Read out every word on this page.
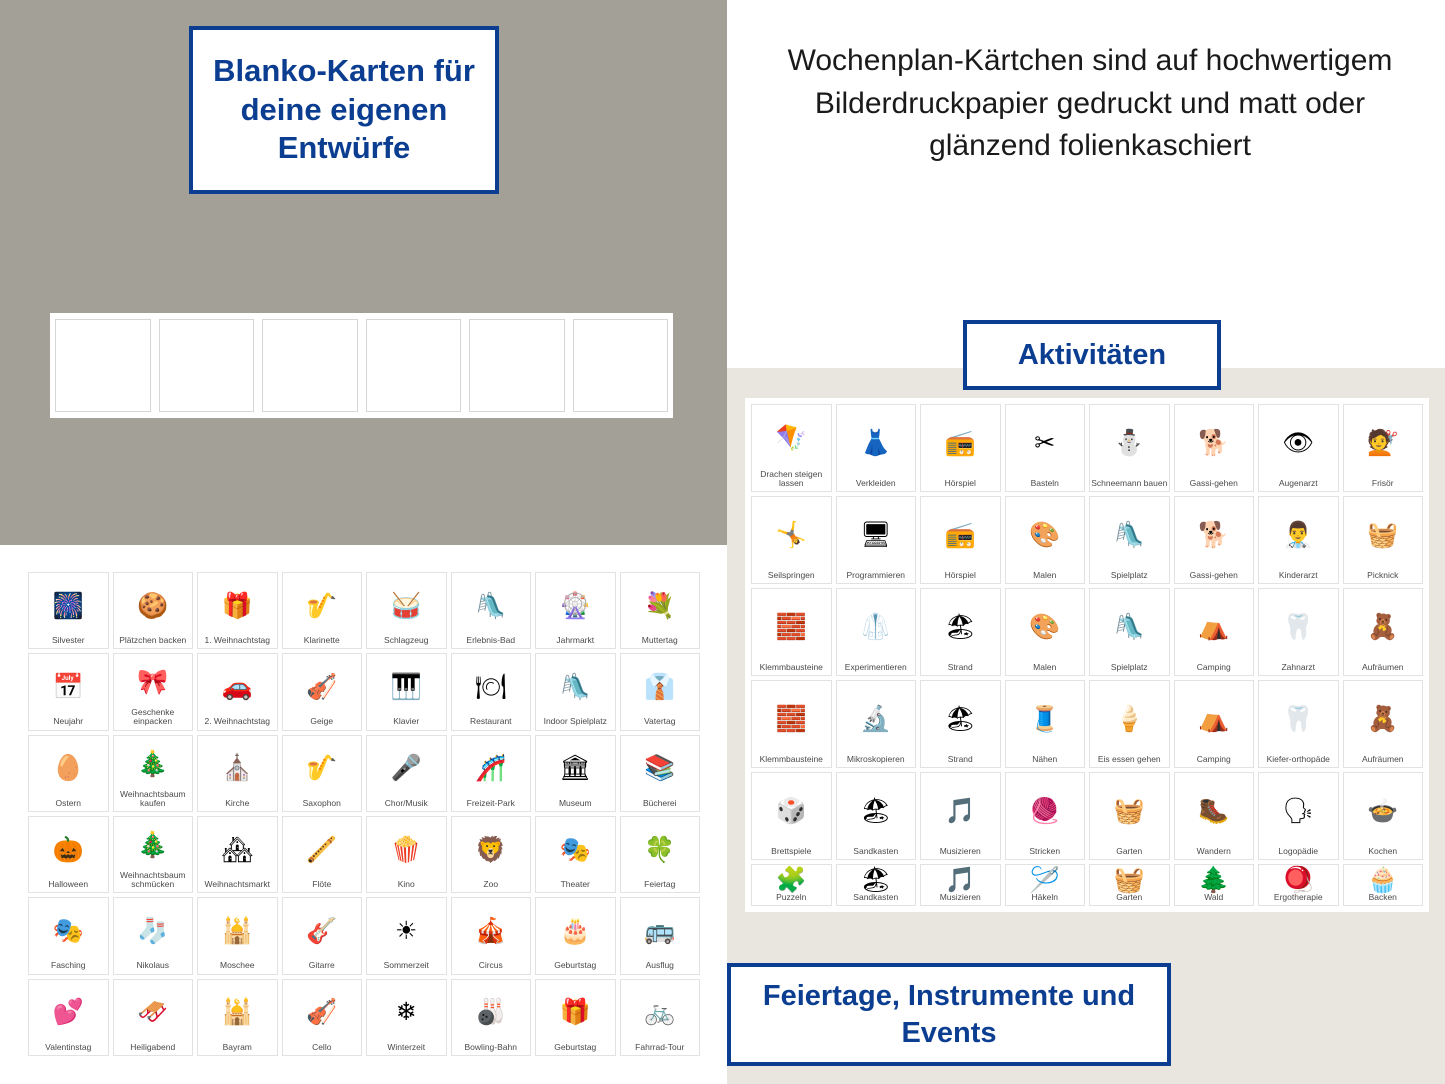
Wochenplan-Kärtchen sind auf hochwertigem Bilderdruckpapier gedruckt und matt oder glänzend folienkaschiert
Blanko-Karten für deine eigenen Entwürfe
Aktivitäten
Feiertage, Instrumente und Events
🎆
Silvester
🍪
Plätzchen backen
🎁
1. Weihnachtstag
🎷
Klarinette
🥁
Schlagzeug
🛝
Erlebnis-Bad
🎡
Jahrmarkt
💐
Muttertag
📅
Neujahr
🎀
Geschenke einpacken
🚗
2. Weihnachtstag
🎻
Geige
🎹
Klavier
🍽
Restaurant
🛝
Indoor Spielplatz
👔
Vatertag
🥚
Ostern
🎄
Weihnachtsbaum kaufen
⛪
Kirche
🎷
Saxophon
🎤
Chor/Musik
🎢
Freizeit-Park
🏛
Museum
📚
Bücherei
🎃
Halloween
🎄
Weihnachtsbaum schmücken
🏘
Weihnachtsmarkt
🪈
Flöte
🍿
Kino
🦁
Zoo
🎭
Theater
🍀
Feiertag
🎭
Fasching
🧦
Nikolaus
🕌
Moschee
🎸
Gitarre
☀
Sommerzeit
🎪
Circus
🎂
Geburtstag
🚌
Ausflug
💕
Valentinstag
🛷
Heiligabend
🕌
Bayram
🎻
Cello
❄
Winterzeit
🎳
Bowling-Bahn
🎁
Geburtstag
🚲
Fahrrad-Tour
🪁
Drachen steigen lassen
👗
Verkleiden
📻
Hörspiel
✂
Basteln
⛄
Schneemann bauen
🐕
Gassi-gehen
👁
Augenarzt
💇
Frisör
🤸
Seilspringen
🖥
Programmieren
📻
Hörspiel
🎨
Malen
🛝
Spielplatz
🐕
Gassi-gehen
👨‍⚕
Kinderarzt
🧺
Picknick
🧱
Klemmbausteine
🥼
Experimentieren
🏖
Strand
🎨
Malen
🛝
Spielplatz
⛺
Camping
🦷
Zahnarzt
🧸
Aufräumen
🧱
Klemmbausteine
🔬
Mikroskopieren
🏖
Strand
🧵
Nähen
🍦
Eis essen gehen
⛺
Camping
🦷
Kiefer-orthopäde
🧸
Aufräumen
🎲
Brettspiele
🏖
Sandkasten
🎵
Musizieren
🧶
Stricken
🧺
Garten
🥾
Wandern
🗣
Logopädie
🍲
Kochen
🧩
Puzzeln
🏖
Sandkasten
🎵
Musizieren
🪡
Häkeln
🧺
Garten
🌲
Wald
🪀
Ergotherapie
🧁
Backen
